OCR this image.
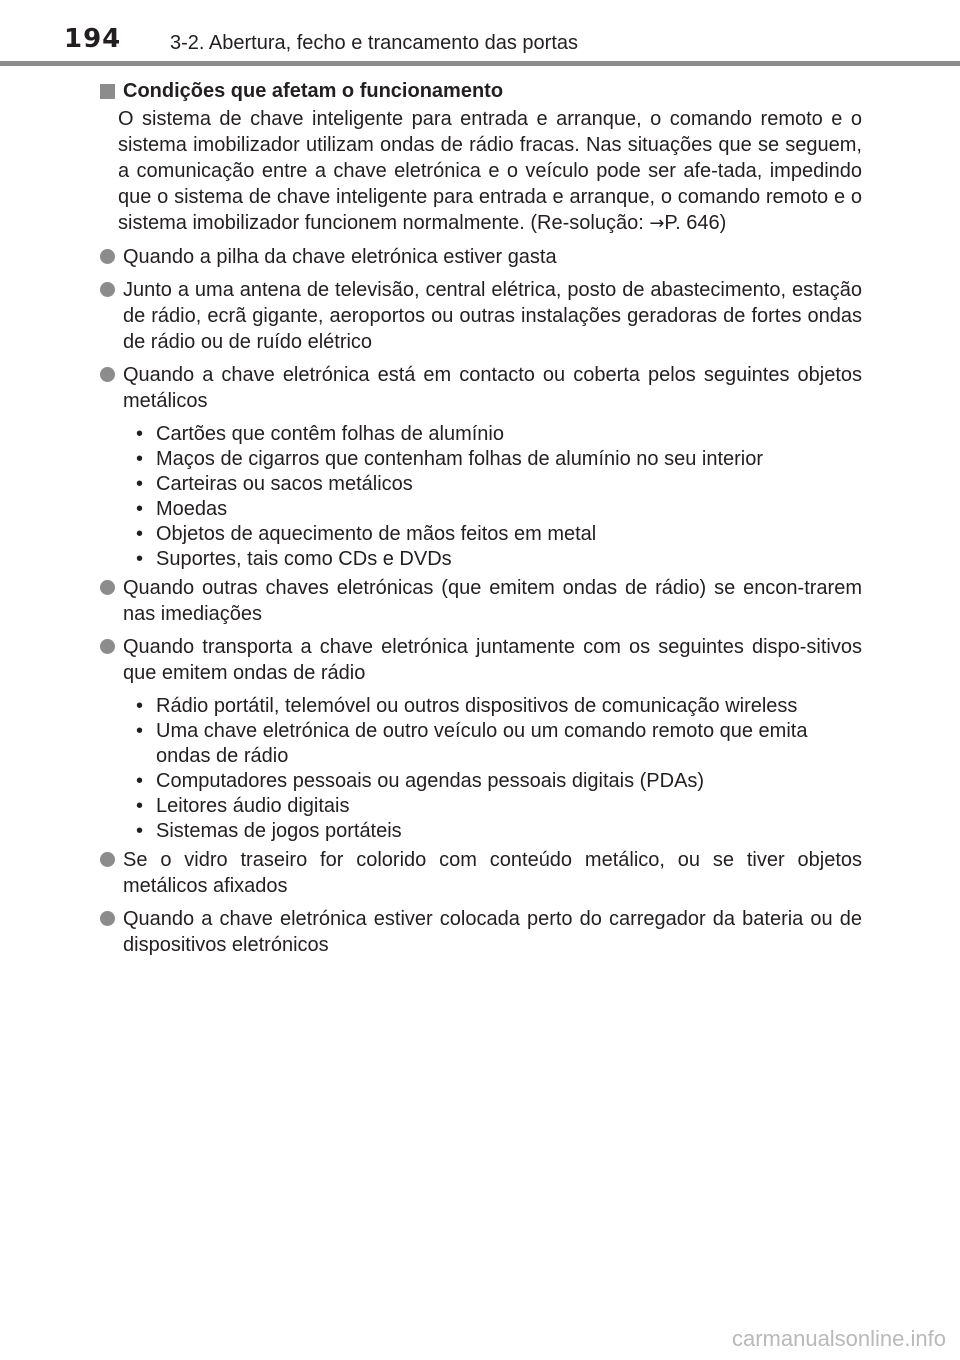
194 3-2. Abertura, fecho e trancamento das portas
Condições que afetam o funcionamento

O sistema de chave inteligente para entrada e arranque, o comando remoto e o sistema imobilizador utilizam ondas de rádio fracas. Nas situações que se seguem, a comunicação entre a chave eletrónica e o veículo pode ser afe-tada, impedindo que o sistema de chave inteligente para entrada e arranque, o comando remoto e o sistema imobilizador funcionem normalmente. (Re-solução: →P. 646)

Quando a pilha da chave eletrónica estiver gasta
Junto a uma antena de televisão, central elétrica, posto de abastecimento, estação de rádio, ecrã gigante, aeroportos ou outras instalações geradoras de fortes ondas de rádio ou de ruído elétrico
Quando a chave eletrónica está em contacto ou coberta pelos seguintes objetos metálicos
• Cartões que contêm folhas de alumínio
• Maços de cigarros que contenham folhas de alumínio no seu interior
• Carteiras ou sacos metálicos
• Moedas
• Objetos de aquecimento de mãos feitos em metal
• Suportes, tais como CDs e DVDs
Quando outras chaves eletrónicas (que emitem ondas de rádio) se encon-trarem nas imediações
Quando transporta a chave eletrónica juntamente com os seguintes dispo-sitivos que emitem ondas de rádio
• Rádio portátil, telemóvel ou outros dispositivos de comunicação wireless
• Uma chave eletrónica de outro veículo ou um comando remoto que emita ondas de rádio
• Computadores pessoais ou agendas pessoais digitais (PDAs)
• Leitores áudio digitais
• Sistemas de jogos portáteis
Se o vidro traseiro for colorido com conteúdo metálico, ou se tiver objetos metálicos afixados
Quando a chave eletrónica estiver colocada perto do carregador da bateria ou de dispositivos eletrónicos
carmanualsonline.info
